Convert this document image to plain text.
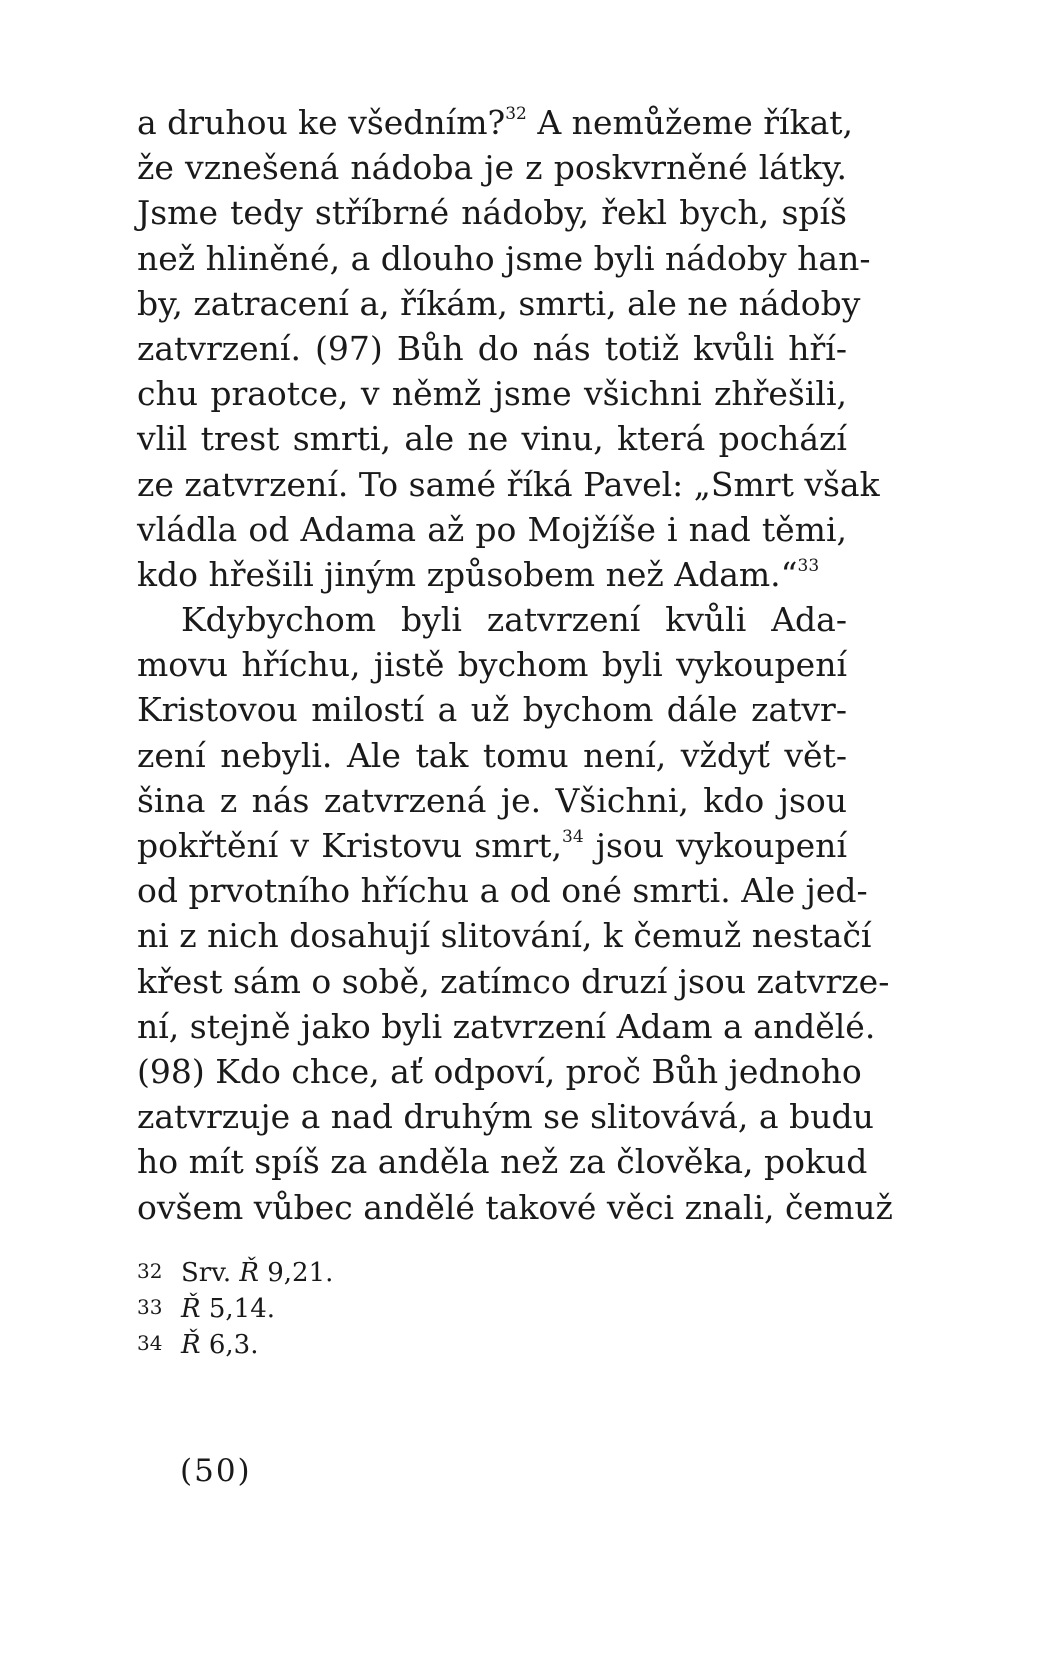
a druhou ke všedním?$^{32}$ A nemůžeme říkat,
že vznešená nádoba je z poskvrněné látky.
Jsme tedy stříbrné nádoby, řekl bych, spíš
než hliněné, a dlouho jsme byli nádoby han-
by, zatracení a, říkám, smrti, ale ne nádoby
zatvrzení. (97) Bůh do nás totiž kvůli hří-
chu praotce, v němž jsme všichni zhřešili,
vlil trest smrti, ale ne vinu, která pochází
ze zatvrzení. To samé říká Pavel: „Smrt však
vládla od Adama až po Mojžíše i nad těmi,
kdo hřešili jiným způsobem než Adam.“$^{33}$
Kdybychom byli zatvrzení kvůli Ada-
movu hříchu, jistě bychom byli vykoupení
Kristovou milostí a už bychom dále zatvr-
zení nebyli. Ale tak tomu není, vždyť vět-
šina z nás zatvrzená je. Všichni, kdo jsou
pokřtění v Kristovu smrt,$^{34}$ jsou vykoupení
od prvotního hříchu a od oné smrti. Ale jed-
ni z nich dosahují slitování, k čemuž nestačí
křest sám o sobě, zatímco druzí jsou zatvrze-
ní, stejně jako byli zatvrzení Adam a andělé.
(98) Kdo chce, ať odpoví, proč Bůh jednoho
zatvrzuje a nad druhým se slitovává, a budu
ho mít spíš za anděla než za člověka, pokud
ovšem vůbec andělé takové věci znali, čemuž
32 Srv. Ř 9,21.
33 Ř 5,14.
34 Ř 6,3.
(50)
